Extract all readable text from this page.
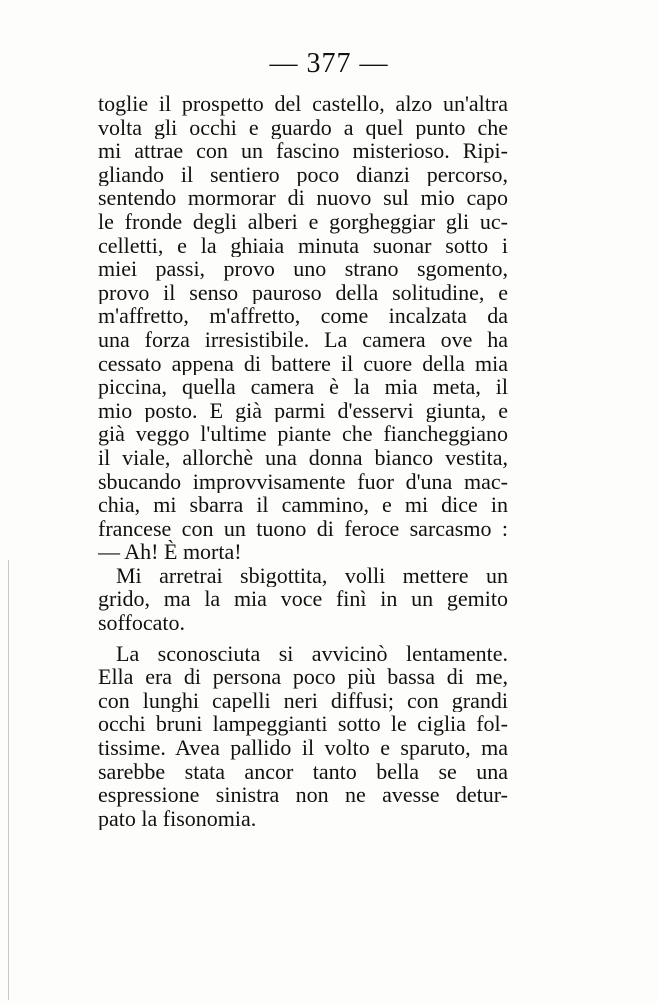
— 377 —
toglie il prospetto del castello, alzo un'altra
volta gli occhi e guardo a quel punto che
mi attrae con un fascino misterioso. Ripi-
gliando il sentiero poco dianzi percorso,
sentendo mormorar di nuovo sul mio capo
le fronde degli alberi e gorgheggiar gli uc-
celletti, e la ghiaia minuta suonar sotto i
miei passi, provo uno strano sgomento,
provo il senso pauroso della solitudine, e
m'affretto, m'affretto, come incalzata da
una forza irresistibile. La camera ove ha
cessato appena di battere il cuore della mia
piccina, quella camera è la mia meta, il
mio posto. E già parmi d'esservi giunta, e
già veggo l'ultime piante che fiancheggiano
il viale, allorchè una donna bianco vestita,
sbucando improvvisamente fuor d'una mac-
chia, mi sbarra il cammino, e mi dice in
francese con un tuono di feroce sarcasmo :
— Ah! È morta!
Mi arretrai sbigottita, volli mettere un
grido, ma la mia voce finì in un gemito
soffocato.
La sconosciuta si avvicinò lentamente.
Ella era di persona poco più bassa di me,
con lunghi capelli neri diffusi; con grandi
occhi bruni lampeggianti sotto le ciglia fol-
tissime. Avea pallido il volto e sparuto, ma
sarebbe stata ancor tanto bella se una
espressione sinistra non ne avesse detur-
pato la fisonomia.
